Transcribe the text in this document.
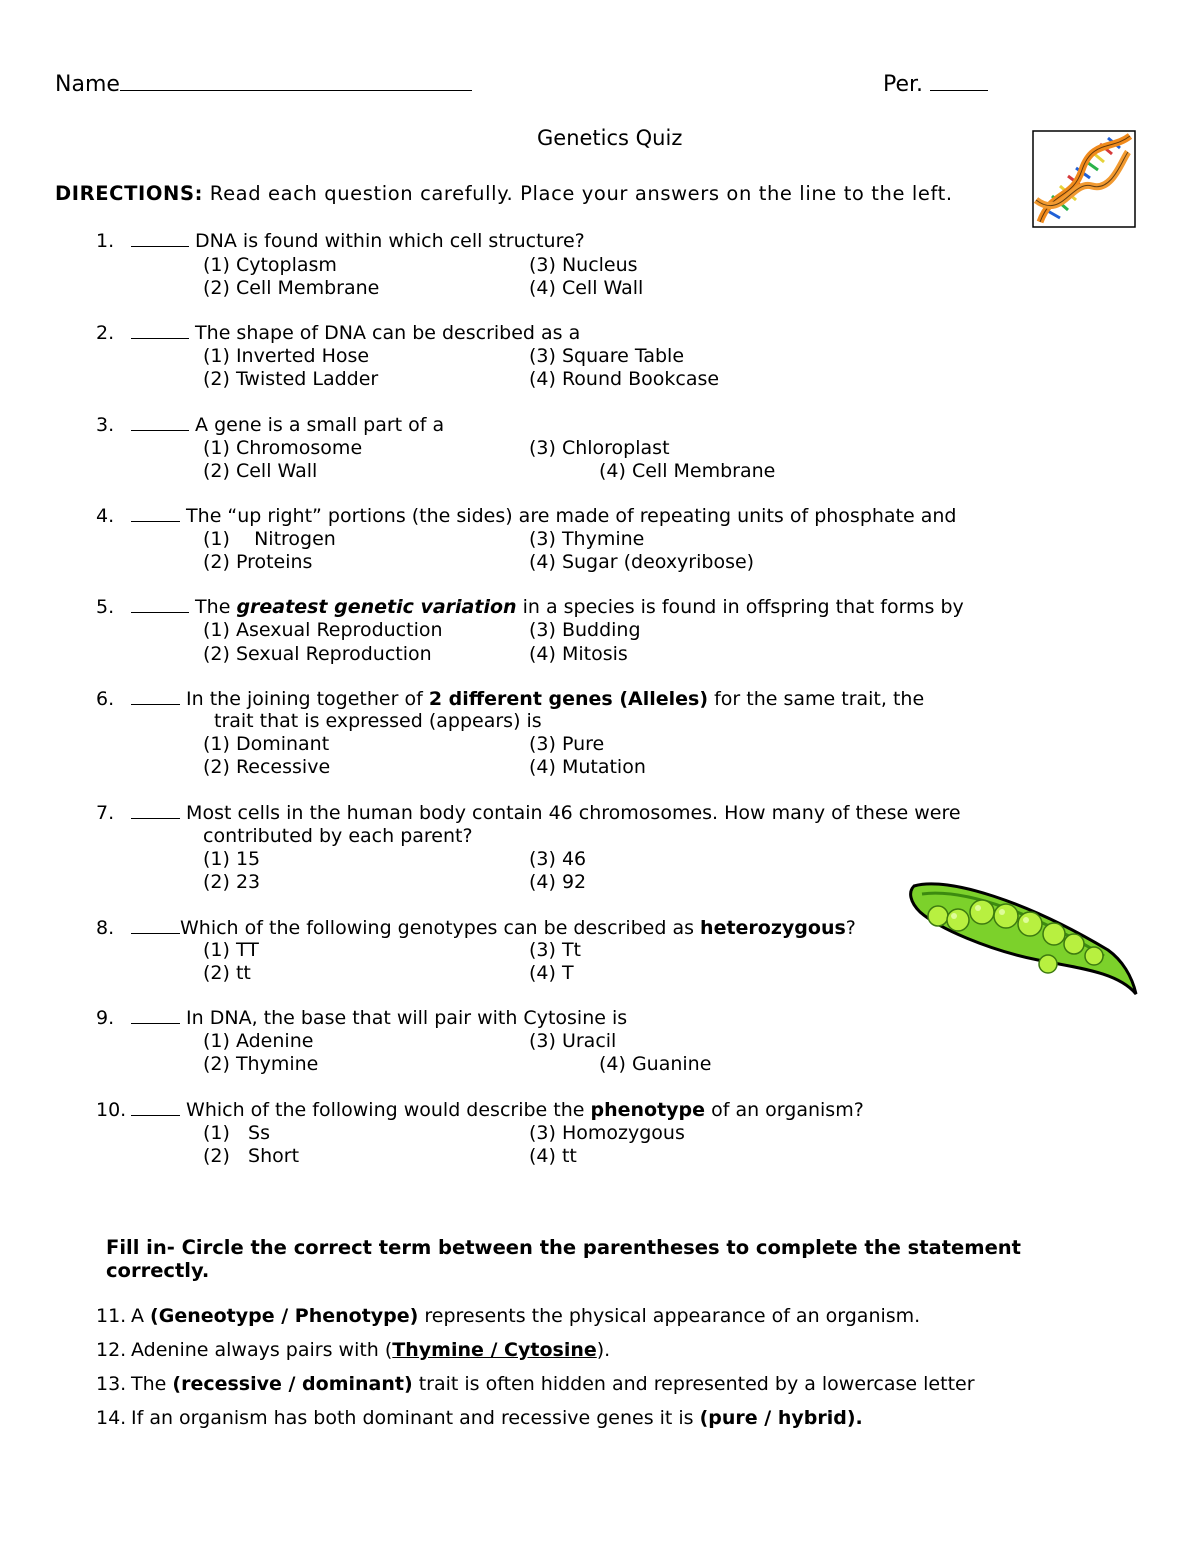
Name	Per.
Genetics Quiz
DIRECTIONS: Read each question carefully. Place your answers on the line to the left.
1.	DNA is found within which cell structure?
(1) Cytoplasm
(2) Cell Membrane
(3) Nucleus
(4) Cell Wall
2.	The shape of DNA can be described as a
(1) Inverted Hose
(2) Twisted Ladder
(3) Square Table
(4) Round Bookcase
3.	A gene is a small part of a
(1) Chromosome
(2) Cell Wall
(3) Chloroplast
(4) Cell Membrane
4.	The “up right” portions (the sides) are made of repeating units of phosphate and
(1)    Nitrogen
(2) Proteins
(3) Thymine
(4) Sugar (deoxyribose)
5.	The greatest genetic variation in a species is found in offspring that forms by
(1) Asexual Reproduction
(2) Sexual Reproduction
(3) Budding
(4) Mitosis
6.	In the joining together of 2 different genes (Alleles) for the same trait, the
trait that is expressed (appears) is
(1) Dominant
(2) Recessive
(3) Pure
(4) Mutation
7.	Most cells in the human body contain 46 chromosomes. How many of these were
contributed by each parent?
(1) 15
(2) 23
(3) 46
(4) 92
8.	Which of the following genotypes can be described as heterozygous?
(1) TT
(2) tt
(3) Tt
(4) T
9.	In DNA, the base that will pair with Cytosine is
(1) Adenine
(2) Thymine
(3) Uracil
(4) Guanine
10.	Which of the following would describe the phenotype of an organism?
(1)   Ss
(2)   Short
(3) Homozygous
(4) tt
Fill in- Circle the correct term between the parentheses to complete the statement
correctly.
11. A (Geneotype / Phenotype) represents the physical appearance of an organism.
12. Adenine always pairs with (Thymine / Cytosine).
13. The (recessive / dominant) trait is often hidden and represented by a lowercase letter
14. If an organism has both dominant and recessive genes it is (pure / hybrid).
